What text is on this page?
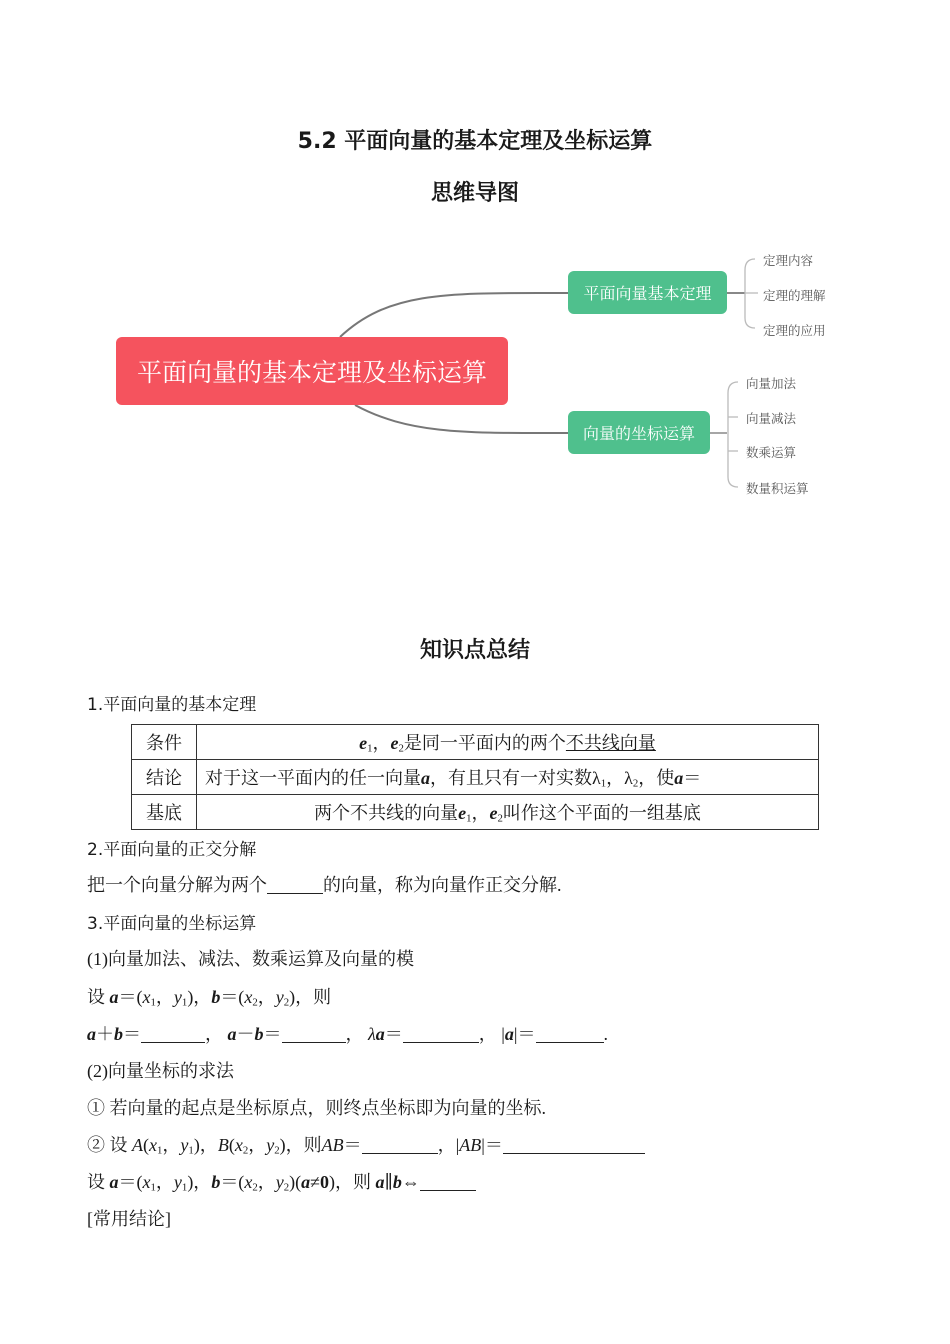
5.2 平面向量的基本定理及坐标运算
思维导图
平面向量的基本定理及坐标运算
平面向量基本定理
向量的坐标运算
定理内容
定理的理解
定理的应用
向量加法
向量减法
数乘运算
数量积运算
知识点总结
1.平面向量的基本定理
条件	$e_1$，$e_2$是同一平面内的两个不共线向量
结论	对于这一平面内的任一向量a，有且只有一对实数$\lambda_1$，$\lambda_2$，使a＝
基底	两个不共线的向量$e_1$，$e_2$叫作这个平面的一组基底
2.平面向量的正交分解
把一个向量分解为两个	的向量，称为向量作正交分解.
3.平面向量的坐标运算
(1)向量加法、减法、数乘运算及向量的模
设 $a=(x_1$，$y_1$)，$b=(x_2$，$y_2$)，则
a＋b＝	， a－b＝	， λa＝	， |a|＝	.
(2)向量坐标的求法
① 若向量的起点是坐标原点，则终点坐标即为向量的坐标.
② 设 $A(x_1$，$y_1$)，$B(x_2$，$y_2$)，则AB＝	，|AB|＝
设 $a=(x_1$，$y_1$)，$b=(x_2$，$y_2)(a\ne 0)$，则 a∥b⇔
[常用结论]
